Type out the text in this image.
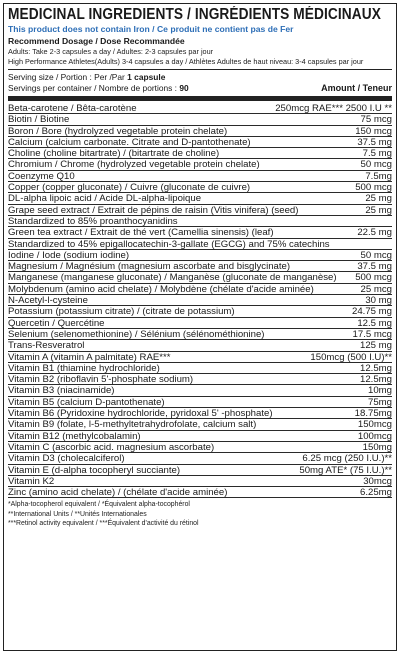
MEDICINAL INGREDIENTS / INGRÉDIENTS MÉDICINAUX
This product does not contain Iron / Ce produit ne contient pas de Fer
Recommend Dosage / Dose Recommandée
Adults: Take 2-3 capsules a day / Adultes: 2-3 capsules par jour
High Performance Athletes(Adults) 3-4 capsules a day / Athlètes Adultes de haut niveau: 3-4 capsules par jour
Serving size / Portion : Per /Par 1 capsule
Servings per container / Nombre de portions : 90	Amount / Teneur
Beta-carotene / Bêta-carotène	250mcg RAE*** 2500 I.U **
Biotin / Biotine	75 mcg
Boron / Bore (hydrolyzed vegetable protein chelate)	150 mcg
Calcium (calcium carbonate. Citrate and D-pantothenate)	37.5 mg
Choline (choline bitartrate) / (bitartrate de choline)	7.5 mg
Chromium / Chrome (hydrolyzed vegetable protein chelate)	50 mcg
Coenzyme Q10	7.5mg
Copper (copper gluconate) / Cuivre (gluconate de cuivre)	500 mcg
DL-alpha lipoic acid / Acide DL-alpha-lipoique	25 mg
Grape seed extract / Extrait de pépins de raisin (Vitis vinifera) (seed)	25 mg
Standardized to 85% proanthocyanidins
Green tea extract / Extrait de thé vert (Camellia sinensis) (leaf)	22.5 mg
Standardized to 45% epigallocatechin-3-gallate (EGCG) and 75% catechins
Iodine / Iode (sodium iodine)	50 mcg
Magnesium / Magnésium (magnesium ascorbate and bisglycinate)	37.5 mg
Manganese (manganese gluconate) / Manganèse (gluconate de manganèse)	500 mcg
Molybdenum (amino acid chelate) / Molybdène (chélate d'acide aminée)	25 mcg
N-Acetyl-l-cysteine	30 mg
Potassium (potassium citrate) / (citrate de potassium)	24.75 mg
Quercetin / Quercétine	12.5 mg
Selenium (selenomethionine) / Sélénium (sélénométhionine)	17.5 mcg
Trans-Resveratrol	125 mg
Vitamin A (vitamin A palmitate) RAE***	150mcg (500 I.U)**
Vitamin B1 (thiamine hydrochloride)	12.5mg
Vitamin B2 (riboflavin 5'-phosphate sodium)	12.5mg
Vitamin B3 (niacinamide)	10mg
Vitamin B5 (calcium D-pantothenate)	75mg
Vitamin B6 (Pyridoxine hydrochloride, pyridoxal 5' -phosphate)	18.75mg
Vitamin B9 (folate, l-5-methyltetrahydrofolate, calcium salt)	150mcg
Vitamin B12 (methylcobalamin)	100mcg
Vitamin C (ascorbic acid. magnesium ascorbate)	150mg
Vitamin D3 (cholecalciferol)	6.25 mcg (250 I.U.)**
Vitamin E (d-alpha tocopheryl succiante)	50mg ATE* (75 I.U.)**
Vitamin K2	30mcg
Zinc (amino acid chelate) / (chélate d'acide aminée)	6.25mg
*Alpha-tocopherol equivalent / *Équivalent alpha-tocophérol
**International Units / **Unités Internationales
***Retinol activity equivalent / ***Équivalent d'activité du rétinol
